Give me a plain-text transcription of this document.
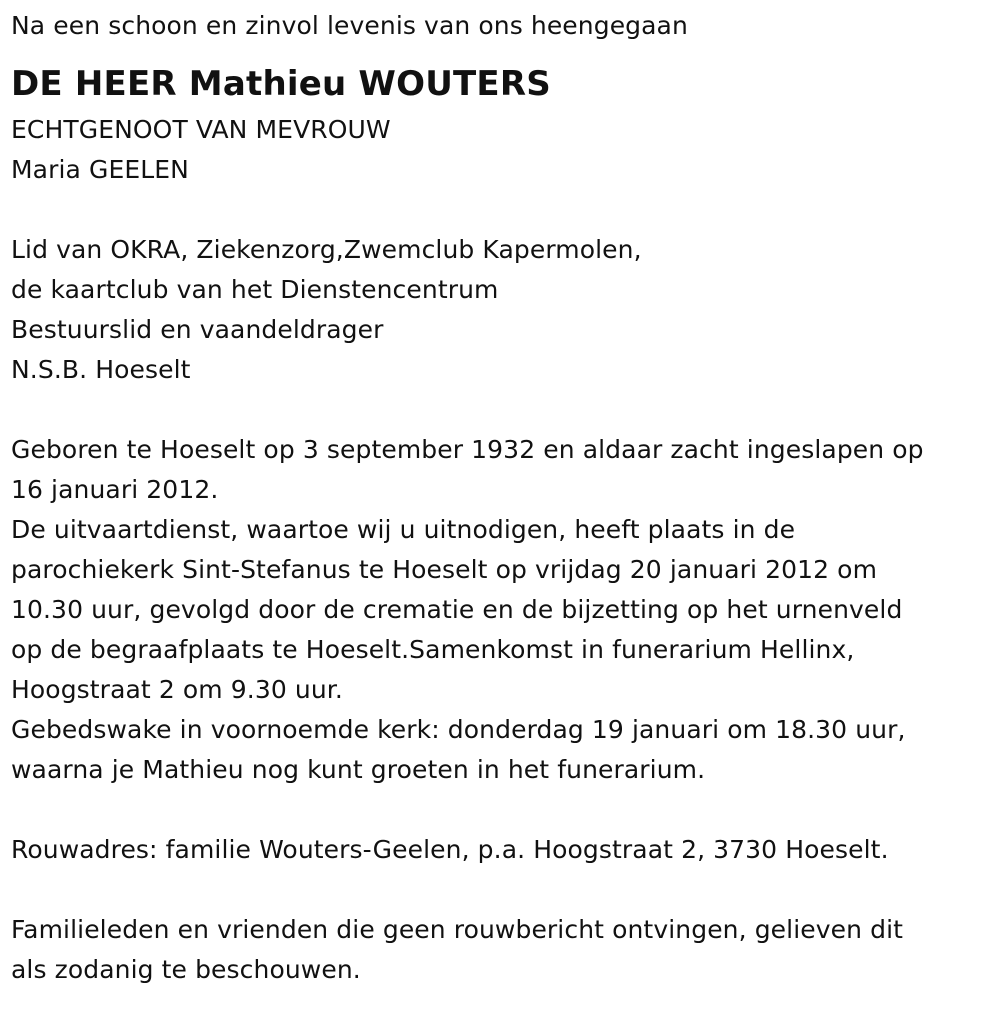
Na een schoon en zinvol levenis van ons heengegaan
DE HEER Mathieu WOUTERS
ECHTGENOOT VAN MEVROUW
Maria GEELEN
Lid van OKRA, Ziekenzorg,Zwemclub Kapermolen,
de kaartclub van het Dienstencentrum
Bestuurslid en vaandeldrager
N.S.B. Hoeselt
Geboren te Hoeselt op 3 september 1932 en aldaar zacht ingeslapen op
16 januari 2012.
De uitvaartdienst, waartoe wij u uitnodigen, heeft plaats in de
parochiekerk Sint-Stefanus te Hoeselt op vrijdag 20 januari 2012 om
10.30 uur, gevolgd door de crematie en de bijzetting op het urnenveld
op de begraafplaats te Hoeselt.Samenkomst in funerarium Hellinx,
Hoogstraat 2 om 9.30 uur.
Gebedswake in voornoemde kerk: donderdag 19 januari om 18.30 uur,
waarna je Mathieu nog kunt groeten in het funerarium.
Rouwadres: familie Wouters-Geelen, p.a. Hoogstraat 2, 3730 Hoeselt.
Familieleden en vrienden die geen rouwbericht ontvingen, gelieven dit
als zodanig te beschouwen.
